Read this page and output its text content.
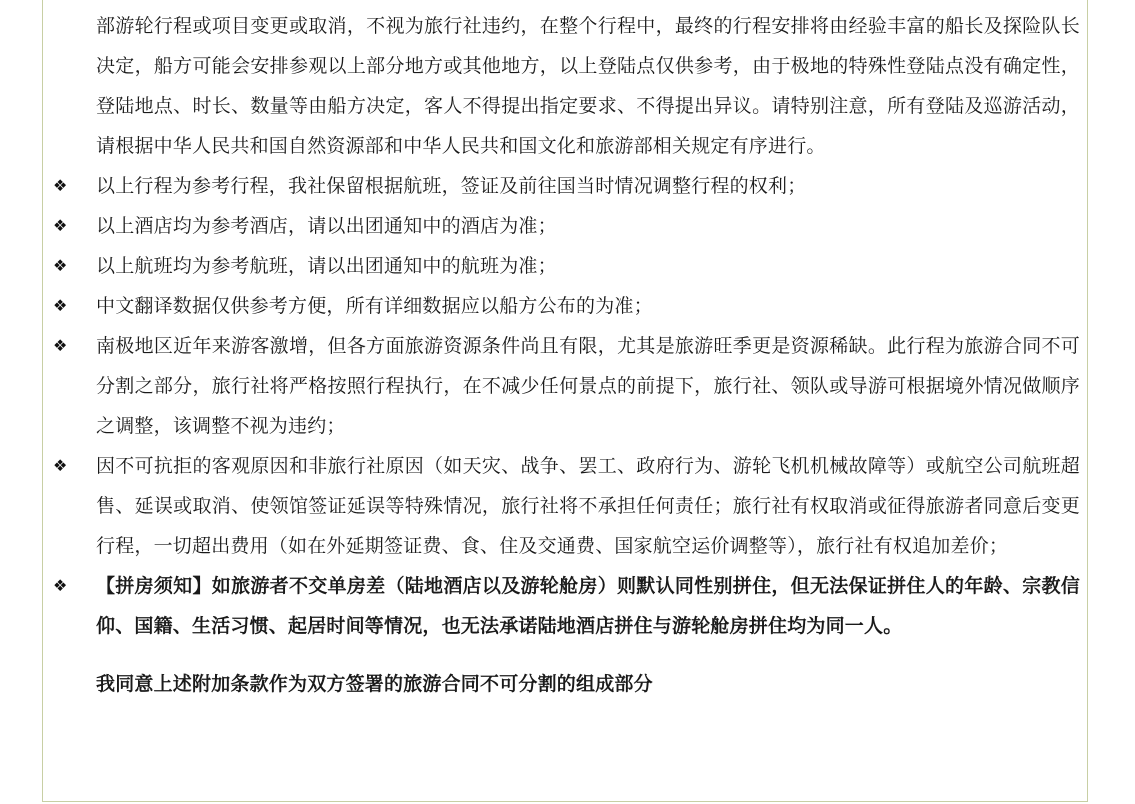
部游轮行程或项目变更或取消，不视为旅行社违约，在整个行程中，最终的行程安排将由经验丰富的船长及探险队长决定，船方可能会安排参观以上部分地方或其他地方，以上登陆点仅供参考，由于极地的特殊性登陆点没有确定性，登陆地点、时长、数量等由船方决定，客人不得提出指定要求、不得提出异议。请特别注意，所有登陆及巡游活动，请根据中华人民共和国自然资源部和中华人民共和国文化和旅游部相关规定有序进行。

❖ 以上行程为参考行程，我社保留根据航班，签证及前往国当时情况调整行程的权利；

❖ 以上酒店均为参考酒店，请以出团通知中的酒店为准；

❖ 以上航班均为参考航班，请以出团通知中的航班为准；

❖ 中文翻译数据仅供参考方便，所有详细数据应以船方公布的为准；

❖ 南极地区近年来游客激增，但各方面旅游资源条件尚且有限，尤其是旅游旺季更是资源稀缺。此行程为旅游合同不可分割之部分，旅行社将严格按照行程执行，在不减少任何景点的前提下，旅行社、领队或导游可根据境外情况做顺序之调整，该调整不视为违约；

❖ 因不可抗拒的客观原因和非旅行社原因（如天灾、战争、罢工、政府行为、游轮飞机机械故障等）或航空公司航班超售、延误或取消、使领馆签证延误等特殊情况，旅行社将不承担任何责任；旅行社有权取消或征得旅游者同意后变更行程，一切超出费用（如在外延期签证费、食、住及交通费、国家航空运价调整等），旅行社有权追加差价；

❖ 【拼房须知】如旅游者不交单房差（陆地酒店以及游轮舱房）则默认同性别拼住，但无法保证拼住人的年龄、宗教信仰、国籍、生活习惯、起居时间等情况，也无法承诺陆地酒店拼住与游轮舱房拼住均为同一人。

我同意上述附加条款作为双方签署的旅游合同不可分割的组成部分
